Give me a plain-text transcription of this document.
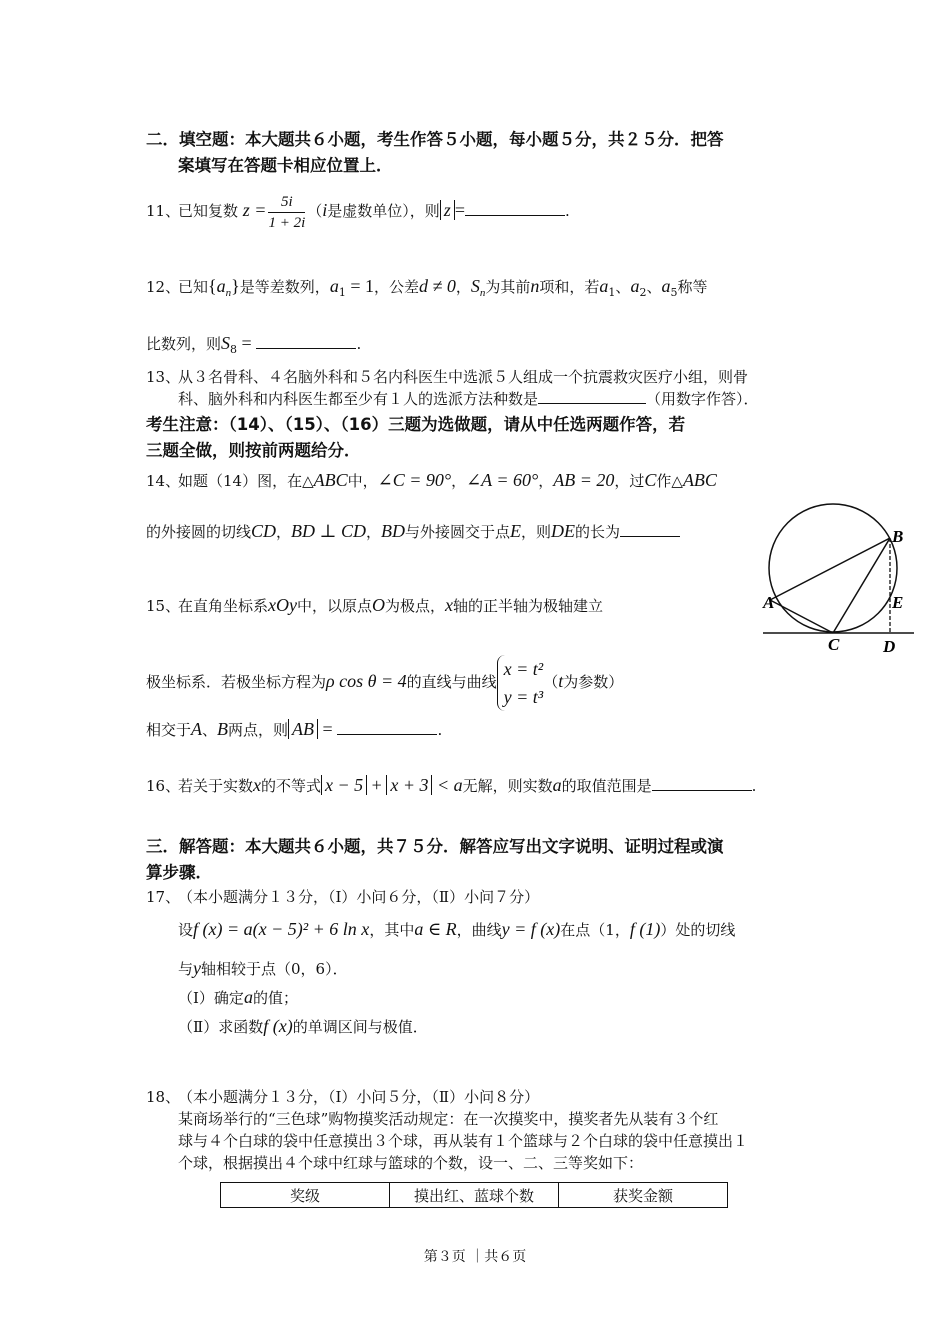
二．填空题：本大题共６小题，考生作答５小题，每小题５分，共２５分．把答
案填写在答题卡相应位置上．
11、已知复数 $z = \frac{5i}{1 + 2i} (i$是虚数单位），则 z =	.
12、已知$\{a_n\}$是等差数列，$a_1 = 1$，公差d ≠ 0，$S_n$为其前n项和，若$a_1$、$a_2$、$a_5$称等
比数列，则$S_8$ =	.
13、从３名骨科、４名脑外科和５名内科医生中选派５人组成一个抗震救灾医疗小组，则骨
科、脑外科和内科医生都至少有１人的选派方法种数是	（用数字作答）．
考生注意：（14）、（15）、（16）三题为选做题，请从中任选两题作答，若
三题全做，则按前两题给分．
14、如题（14）图，在△ABC中，∠C = 90°，∠A = 60°，AB = 20，过C作△ABC
的外接圆的切线CD，BD ⊥ CD，BD与外接圆交于点E，则DE的长为	B
A	E
C	D
15、在直角坐标系xOy中，以原点O为极点，x轴的正半轴为极轴建立
极坐标系．若极坐标方程为ρ cos θ = 4的直线与曲线
x = t²
y = t³
（t为参数）
相交于A、B两点，则 AB =	.
16、若关于实数x的不等式 x − 5 + x + 3 < a无解，则实数a的取值范围是	.
三．解答题：本大题共６小题，共７５分．解答应写出文字说明、证明过程或演
算步骤．
17、（本小题满分１３分，（Ⅰ）小问６分，（Ⅱ）小问７分）
设f (x) = a(x − 5)² + 6 ln x，其中a ∈ R，曲线y = f (x)在点（1，f (1)）处的切线
与y轴相较于点（0，6）．
（Ⅰ）确定a的值；
（Ⅱ）求函数f (x)的单调区间与极值．
18、（本小题满分１３分，（Ⅰ）小问５分，（Ⅱ）小问８分）
某商场举行的“三色球”购物摸奖活动规定：在一次摸奖中，摸奖者先从装有３个红
球与４个白球的袋中任意摸出３个球，再从装有１个篮球与２个白球的袋中任意摸出１
个球，根据摸出４个球中红球与篮球的个数，设一、二、三等奖如下：
奖级	摸出红、蓝球个数	获奖金额
第３页 ｜共６页
